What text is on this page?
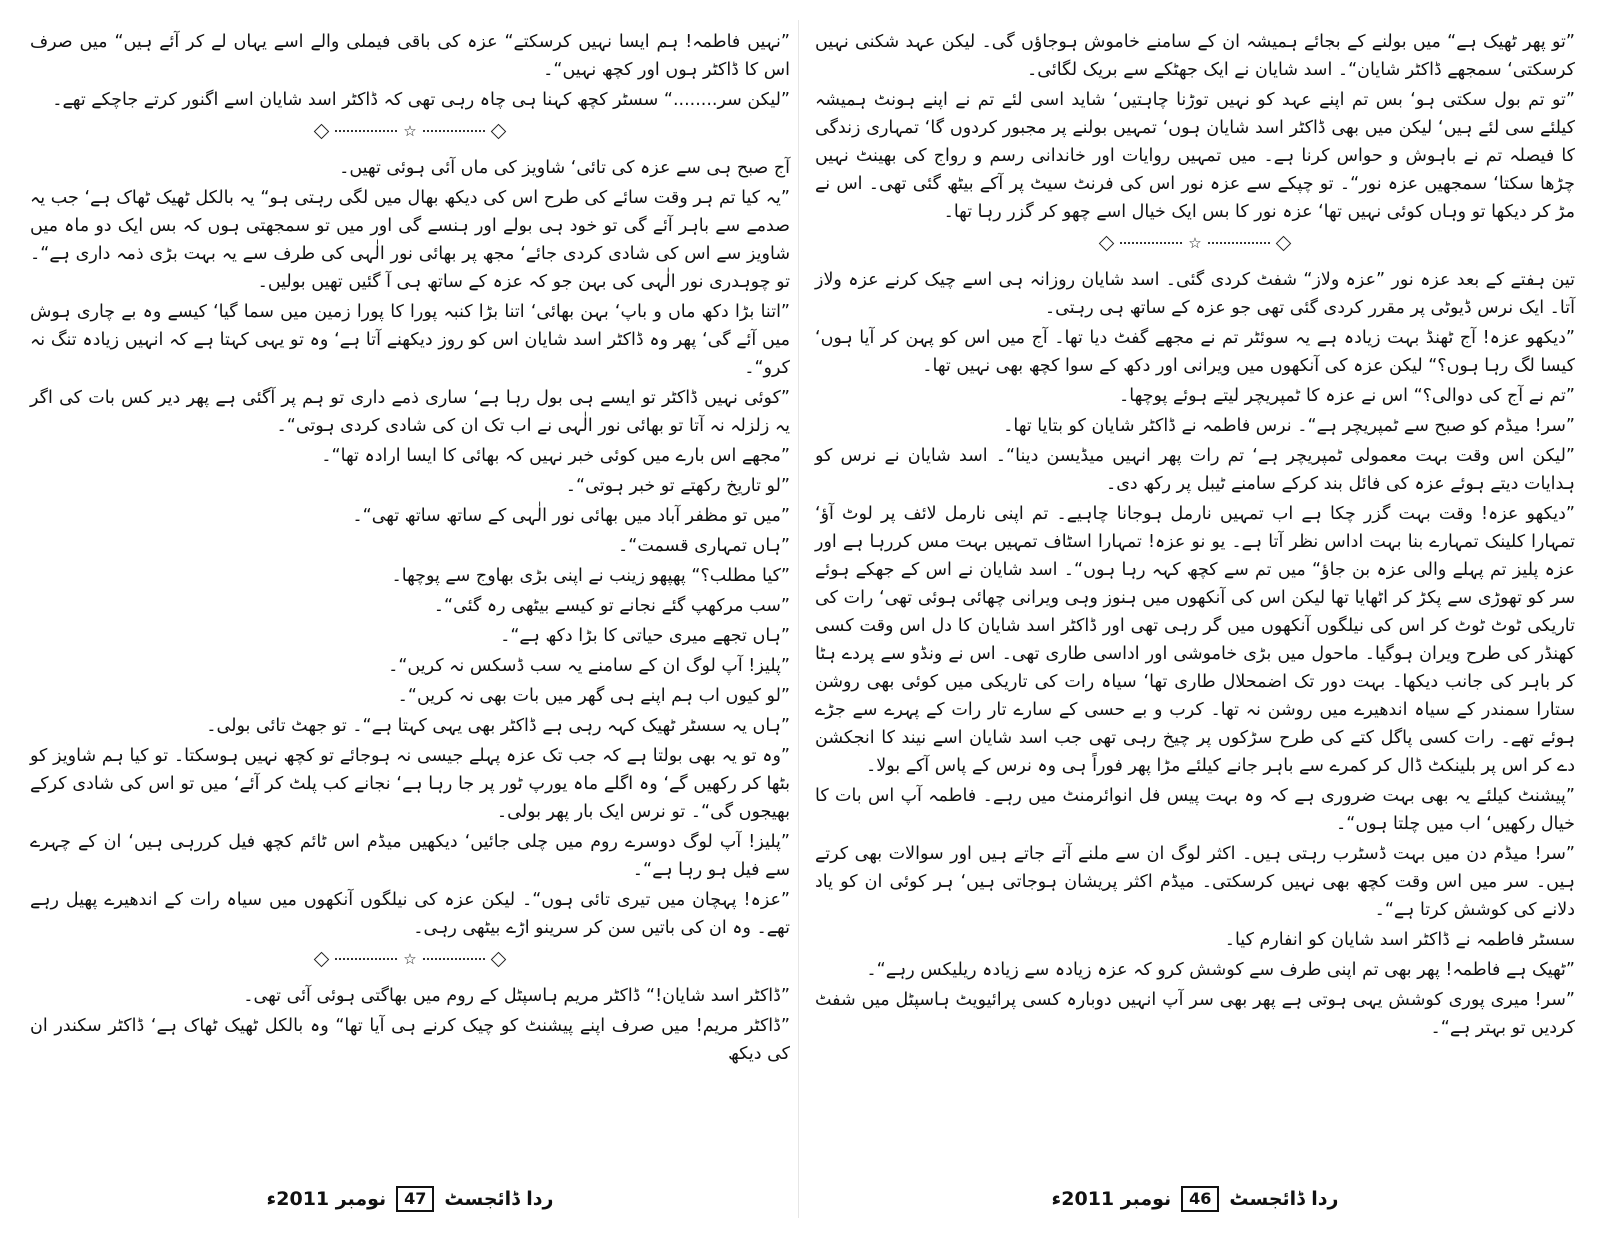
”نہیں فاطمہ! ہم ایسا نہیں کرسکتے“ عزہ کی باقی فیملی والے اسے یہاں لے کر آئے ہیں“ میں صرف اس کا ڈاکٹر ہوں اور کچھ نہیں“۔

”لیکن سر........“ سسٹر کچھ کہنا ہی چاہ رہی تھی کہ ڈاکٹر اسد شایان اسے اگنور کرتے جاچکے تھے۔

☆

آج صبح ہی سے عزہ کی تائی‘ شاویز کی ماں آئی ہوئی تھیں۔

”یہ کیا تم ہر وقت سائے کی طرح اس کی دیکھ بھال میں لگی رہتی ہو“ یہ بالکل ٹھیک ٹھاک ہے‘ جب یہ صدمے سے باہر آئے گی تو خود ہی بولے اور ہنسے گی اور میں تو سمجھتی ہوں کہ بس ایک دو ماہ میں شاویز سے اس کی شادی کردی جائے‘ مجھ پر بھائی نور الٰہی کی طرف سے یہ بہت بڑی ذمہ داری ہے“۔ تو چوہدری نور الٰہی کی بہن جو کہ عزہ کے ساتھ ہی آ گئیں تھیں بولیں۔

”اتنا بڑا دکھ ماں و باپ‘ بہن بھائی‘ اتنا بڑا کنبہ پورا کا پورا زمین میں سما گیا‘ کیسے وہ بے چاری ہوش میں آئے گی‘ پھر وہ ڈاکٹر اسد شایان اس کو روز دیکھنے آتا ہے‘ وہ تو یہی کہتا ہے کہ انہیں زیادہ تنگ نہ کرو“۔

”کوئی نہیں ڈاکٹر تو ایسے ہی بول رہا ہے‘ ساری ذمے داری تو ہم پر آگئی ہے پھر دیر کس بات کی اگر یہ زلزلہ نہ آتا تو بھائی نور الٰہی نے اب تک ان کی شادی کردی ہوتی“۔

”مجھے اس بارے میں کوئی خبر نہیں کہ بھائی کا ایسا ارادہ تھا“۔

”لو تاریخ رکھتے تو خبر ہوتی“۔

”میں تو مظفر آباد میں بھائی نور الٰہی کے ساتھ ساتھ تھی“۔

”ہاں تمہاری قسمت“۔

”کیا مطلب؟“ پھپھو زینب نے اپنی بڑی بھاوج سے پوچھا۔

”سب مرکھپ گئے نجانے تو کیسے بیٹھی رہ گئی“۔

”ہاں تجھے میری حیاتی کا بڑا دکھ ہے“۔

”پلیز! آپ لوگ ان کے سامنے یہ سب ڈسکس نہ کریں“۔

”لو کیوں اب ہم اپنے ہی گھر میں بات بھی نہ کریں“۔

”ہاں یہ سسٹر ٹھیک کہہ رہی ہے ڈاکٹر بھی یہی کہتا ہے“۔ تو جھٹ تائی بولی۔

”وہ تو یہ بھی بولتا ہے کہ جب تک عزہ پہلے جیسی نہ ہوجائے تو کچھ نہیں ہوسکتا۔ تو کیا ہم شاویز کو بٹھا کر رکھیں گے‘ وہ اگلے ماہ یورپ ٹور پر جا رہا ہے‘ نجانے کب پلٹ کر آئے‘ میں تو اس کی شادی کرکے بھیجوں گی“۔ تو نرس ایک بار پھر بولی۔

”پلیز! آپ لوگ دوسرے روم میں چلی جائیں‘ دیکھیں میڈم اس ٹائم کچھ فیل کررہی ہیں‘ ان کے چہرے سے فیل ہو رہا ہے“۔

”عزہ! پہچان میں تیری تائی ہوں“۔ لیکن عزہ کی نیلگوں آنکھوں میں سیاہ رات کے اندھیرے پھیل رہے تھے۔ وہ ان کی باتیں سن کر سرینو اڑے بیٹھی رہی۔

☆

”ڈاکٹر اسد شایان!“ ڈاکٹر مریم ہاسپٹل کے روم میں بھاگتی ہوئی آئی تھی۔

”ڈاکٹر مریم! میں صرف اپنے پیشنٹ کو چیک کرنے ہی آیا تھا“ وہ بالکل ٹھیک ٹھاک ہے‘ ڈاکٹر سکندر ان کی دیکھ

ردا ڈائجسٹ
47
نومبر 2011ء

”تو پھر ٹھیک ہے“ میں بولنے کے بجائے ہمیشہ ان کے سامنے خاموش ہوجاؤں گی۔ لیکن عہد شکنی نہیں کرسکتی‘ سمجھے ڈاکٹر شایان“۔ اسد شایان نے ایک جھٹکے سے بریک لگائی۔

”تو تم بول سکتی ہو‘ بس تم اپنے عہد کو نہیں توڑنا چاہتیں‘ شاید اسی لئے تم نے اپنے ہونٹ ہمیشہ کیلئے سی لئے ہیں‘ لیکن میں بھی ڈاکٹر اسد شایان ہوں‘ تمہیں بولنے پر مجبور کردوں گا‘ تمہاری زندگی کا فیصلہ تم نے باہوش و حواس کرنا ہے۔ میں تمہیں روایات اور خاندانی رسم و رواج کی بھینٹ نہیں چڑھا سکتا‘ سمجھیں عزہ نور“۔ تو چپکے سے عزہ نور اس کی فرنٹ سیٹ پر آکے بیٹھ گئی تھی۔ اس نے مڑ کر دیکھا تو وہاں کوئی نہیں تھا‘ عزہ نور کا بس ایک خیال اسے چھو کر گزر رہا تھا۔

☆

تین ہفتے کے بعد عزہ نور ”عزہ ولاز“ شفٹ کردی گئی۔ اسد شایان روزانہ ہی اسے چیک کرنے عزہ ولاز آتا۔ ایک نرس ڈیوٹی پر مقرر کردی گئی تھی جو عزہ کے ساتھ ہی رہتی۔

”دیکھو عزہ! آج ٹھنڈ بہت زیادہ ہے یہ سوئٹر تم نے مجھے گفٹ دیا تھا۔ آج میں اس کو پہن کر آیا ہوں‘ کیسا لگ رہا ہوں؟“ لیکن عزہ کی آنکھوں میں ویرانی اور دکھ کے سوا کچھ بھی نہیں تھا۔

”تم نے آج کی دوالی؟“ اس نے عزہ کا ٹمپریچر لیتے ہوئے پوچھا۔

”سر! میڈم کو صبح سے ٹمپریچر ہے“۔ نرس فاطمہ نے ڈاکٹر شایان کو بتایا تھا۔

”لیکن اس وقت بہت معمولی ٹمپریچر ہے‘ تم رات پھر انہیں میڈیسن دینا“۔ اسد شایان نے نرس کو ہدایات دیتے ہوئے عزہ کی فائل بند کرکے سامنے ٹیبل پر رکھ دی۔

”دیکھو عزہ! وقت بہت گزر چکا ہے اب تمہیں نارمل ہوجانا چاہیے۔ تم اپنی نارمل لائف پر لوٹ آؤ‘ تمہارا کلینک تمہارے بنا بہت اداس نظر آتا ہے۔ یو نو عزہ! تمہارا اسٹاف تمہیں بہت مس کررہا ہے اور عزہ پلیز تم پہلے والی عزہ بن جاؤ“ میں تم سے کچھ کہہ رہا ہوں“۔ اسد شایان نے اس کے جھکے ہوئے سر کو تھوڑی سے پکڑ کر اٹھایا تھا لیکن اس کی آنکھوں میں ہنوز وہی ویرانی چھائی ہوئی تھی‘ رات کی تاریکی ٹوٹ ٹوٹ کر اس کی نیلگوں آنکھوں میں گر رہی تھی اور ڈاکٹر اسد شایان کا دل اس وقت کسی کھنڈر کی طرح ویران ہوگیا۔ ماحول میں بڑی خاموشی اور اداسی طاری تھی۔ اس نے ونڈو سے پردے ہٹا کر باہر کی جانب دیکھا۔ بہت دور تک اضمحلال طاری تھا‘ سیاہ رات کی تاریکی میں کوئی بھی روشن ستارا سمندر کے سیاہ اندھیرے میں روشن نہ تھا۔ کرب و بے حسی کے سارے تار رات کے پہرے سے جڑے ہوئے تھے۔ رات کسی پاگل کتے کی طرح سڑکوں پر چیخ رہی تھی جب اسد شایان اسے نیند کا انجکشن دے کر اس پر بلینکٹ ڈال کر کمرے سے باہر جانے کیلئے مڑا پھر فوراً ہی وہ نرس کے پاس آکے بولا۔

”پیشنٹ کیلئے یہ بھی بہت ضروری ہے کہ وہ بہت پیس فل انوائرمنٹ میں رہے۔ فاطمہ آپ اس بات کا خیال رکھیں‘ اب میں چلتا ہوں“۔

”سر! میڈم دن میں بہت ڈسٹرب رہتی ہیں۔ اکثر لوگ ان سے ملنے آتے جاتے ہیں اور سوالات بھی کرتے ہیں۔ سر میں اس وقت کچھ بھی نہیں کرسکتی۔ میڈم اکثر پریشان ہوجاتی ہیں‘ ہر کوئی ان کو یاد دلانے کی کوشش کرتا ہے“۔

سسٹر فاطمہ نے ڈاکٹر اسد شایان کو انفارم کیا۔

”ٹھیک ہے فاطمہ! پھر بھی تم اپنی طرف سے کوشش کرو کہ عزہ زیادہ سے زیادہ ریلیکس رہے“۔

”سر! میری پوری کوشش یہی ہوتی ہے پھر بھی سر آپ انہیں دوبارہ کسی پرائیویٹ ہاسپٹل میں شفٹ کردیں تو بہتر ہے“۔

ردا ڈائجسٹ
46
نومبر 2011ء
